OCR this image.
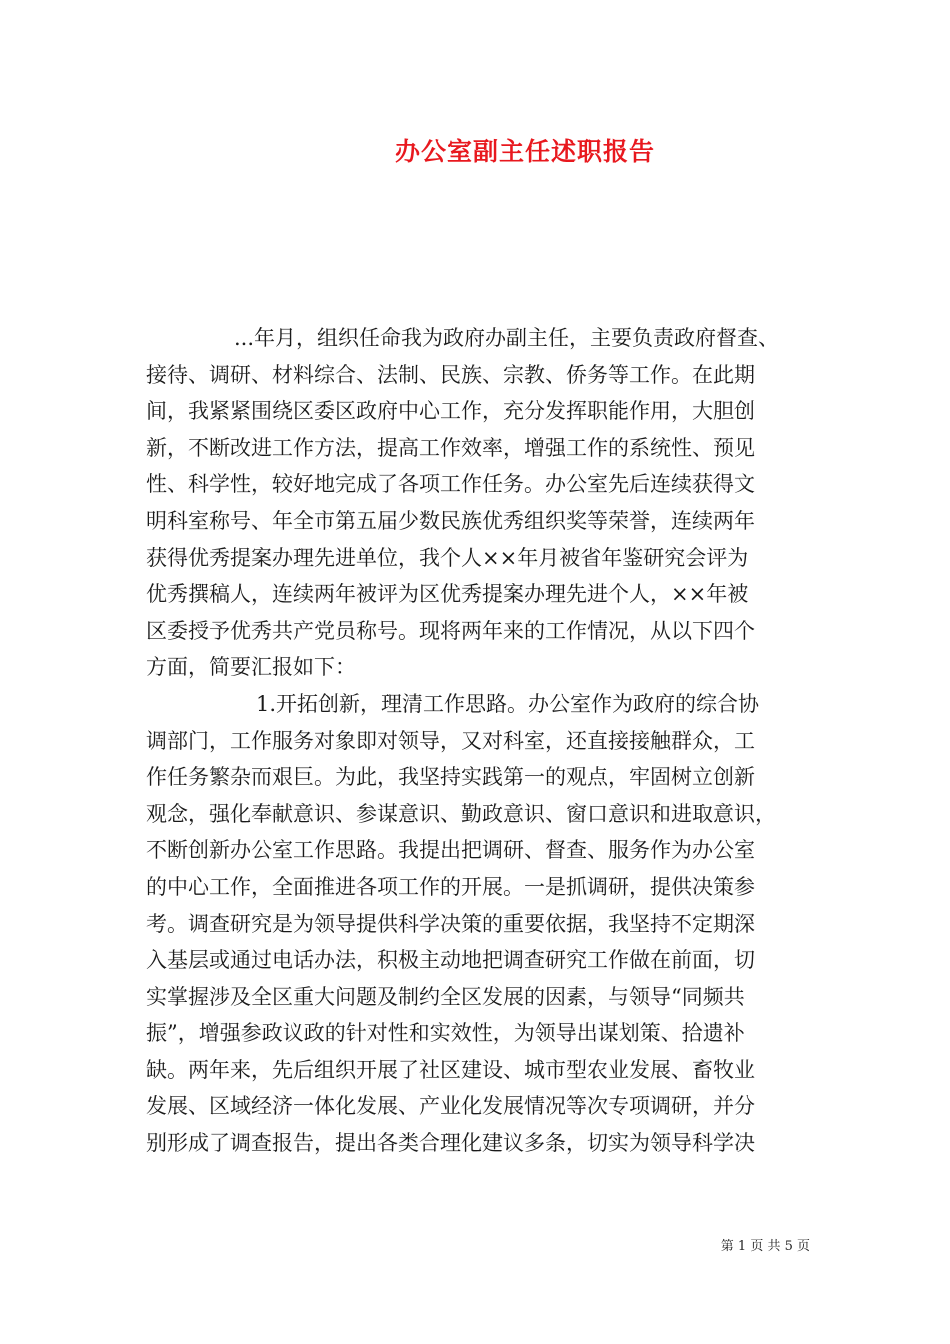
办公室副主任述职报告
...年月，组织任命我为政府办副主任，主要负责政府督查、
接待、调研、材料综合、法制、民族、宗教、侨务等工作。在此期
间，我紧紧围绕区委区政府中心工作，充分发挥职能作用，大胆创
新，不断改进工作方法，提高工作效率，增强工作的系统性、预见
性、科学性，较好地完成了各项工作任务。办公室先后连续获得文
明科室称号、年全市第五届少数民族优秀组织奖等荣誉，连续两年
获得优秀提案办理先进单位，我个人××年月被省年鉴研究会评为
优秀撰稿人，连续两年被评为区优秀提案办理先进个人，××年被
区委授予优秀共产党员称号。现将两年来的工作情况，从以下四个
方面，简要汇报如下：
1.开拓创新，理清工作思路。办公室作为政府的综合协
调部门，工作服务对象即对领导，又对科室，还直接接触群众，工
作任务繁杂而艰巨。为此，我坚持实践第一的观点，牢固树立创新
观念，强化奉献意识、参谋意识、勤政意识、窗口意识和进取意识，
不断创新办公室工作思路。我提出把调研、督查、服务作为办公室
的中心工作，全面推进各项工作的开展。一是抓调研，提供决策参
考。调查研究是为领导提供科学决策的重要依据，我坚持不定期深
入基层或通过电话办法，积极主动地把调查研究工作做在前面，切
实掌握涉及全区重大问题及制约全区发展的因素，与领导“同频共
振”，增强参政议政的针对性和实效性，为领导出谋划策、拾遗补
缺。两年来，先后组织开展了社区建设、城市型农业发展、畜牧业
发展、区域经济一体化发展、产业化发展情况等次专项调研，并分
别形成了调查报告，提出各类合理化建议多条，切实为领导科学决
第 1 页 共 5 页
